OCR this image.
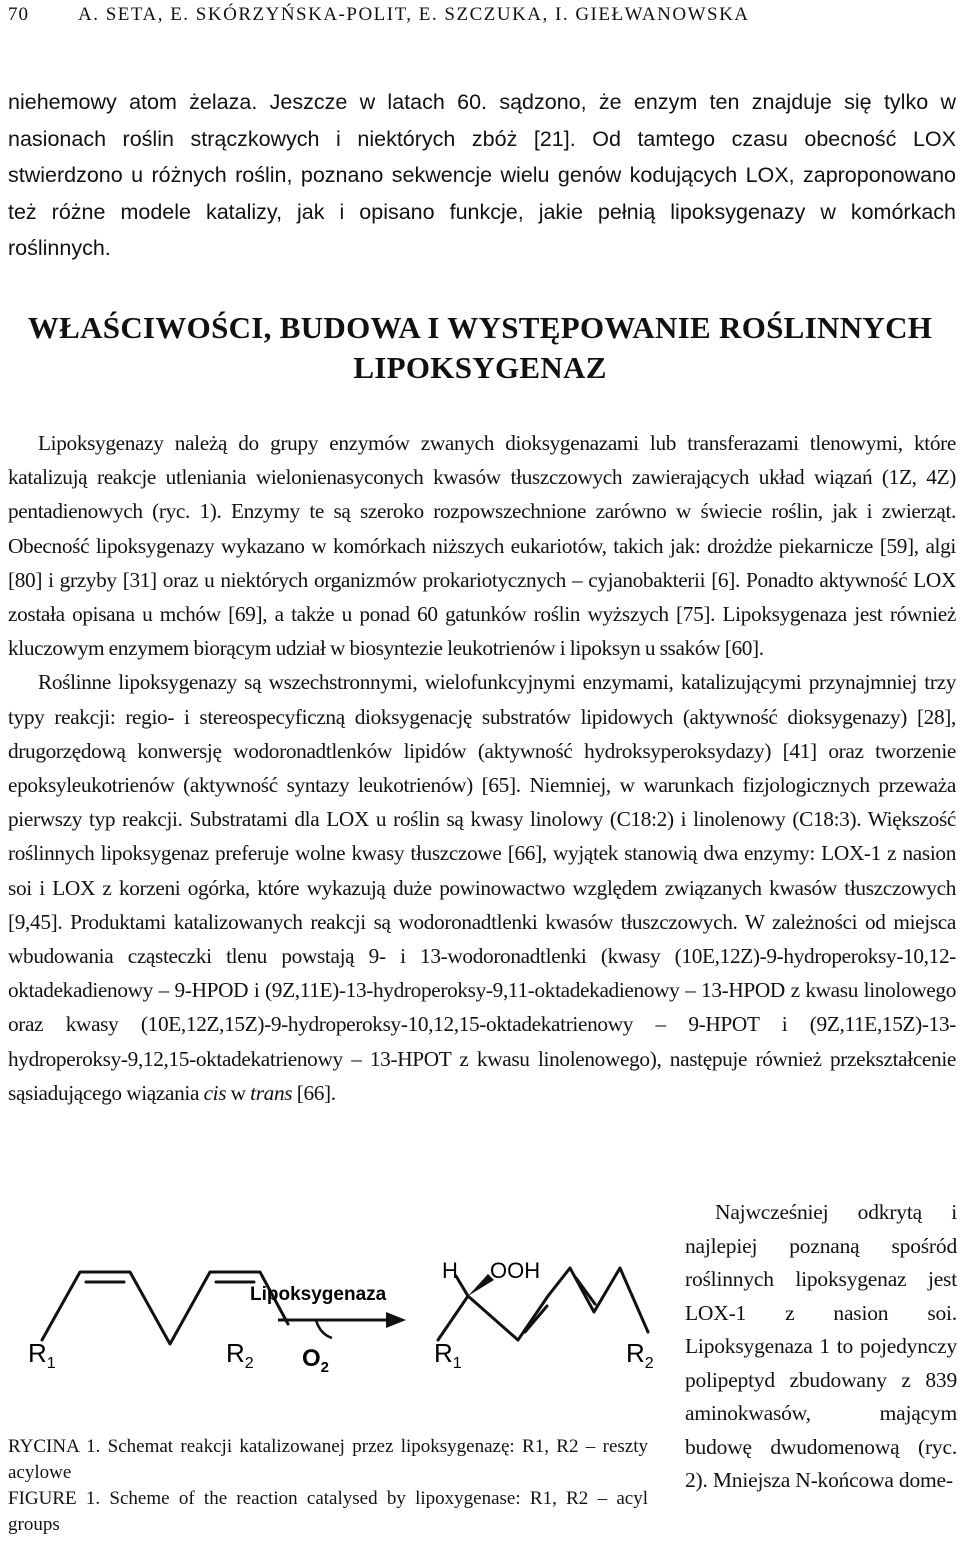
70	A. SETA, E. SKÓRZYŃSKA-POLIT, E. SZCZUKA, I. GIEŁWANOWSKA

niehemowy atom żelaza. Jeszcze w latach 60. sądzono, że enzym ten znajduje się tylko w nasionach roślin strączkowych i niektórych zbóż [21]. Od tamtego czasu obecność LOX stwierdzono u różnych roślin, poznano sekwencje wielu genów kodujących LOX, zaproponowano też różne modele katalizy, jak i opisano funkcje, jakie pełnią lipoksygenazy w komórkach roślinnych.

WŁAŚCIWOŚCI, BUDOWA I WYSTĘPOWANIE ROŚLINNYCH
LIPOKSYGENAZ

Lipoksygenazy należą do grupy enzymów zwanych dioksygenazami lub transferazami tlenowymi, które katalizują reakcje utleniania wielonienasyconych kwasów tłuszczowych zawierających układ wiązań (1Z, 4Z) pentadienowych (ryc. 1). Enzymy te są szeroko rozpowszechnione zarówno w świecie roślin, jak i zwierząt. Obecność lipoksygenazy wykazano w komórkach niższych eukariotów, takich jak: drożdże piekarnicze [59], algi [80] i grzyby [31] oraz u niektórych organizmów prokariotycznych – cyjanobakterii [6]. Ponadto aktywność LOX została opisana u mchów [69], a także u ponad 60 gatunków roślin wyższych [75]. Lipoksygenaza jest również kluczowym enzymem biorącym udział w biosyntezie leukotrienów i lipoksyn u ssaków [60].

Roślinne lipoksygenazy są wszechstronnymi, wielofunkcyjnymi enzymami, katalizującymi przynajmniej trzy typy reakcji: regio- i stereospecyficzną dioksygenację substratów lipidowych (aktywność dioksygenazy) [28], drugorzędową konwersję wodoronadtlenków lipidów (aktywność hydroksyperoksydazy) [41] oraz tworzenie epoksyleukotrienów (aktywność syntazy leukotrienów) [65]. Niemniej, w warunkach fizjologicznych przeważa pierwszy typ reakcji. Substratami dla LOX u roślin są kwasy linolowy (C18:2) i linolenowy (C18:3). Większość roślinnych lipoksygenaz preferuje wolne kwasy tłuszczowe [66], wyjątek stanowią dwa enzymy: LOX-1 z nasion soi i LOX z korzeni ogórka, które wykazują duże powinowactwo względem związanych kwasów tłuszczowych [9,45]. Produktami katalizowanych reakcji są wodoronadtlenki kwasów tłuszczowych. W zależności od miejsca wbudowania cząsteczki tlenu powstają 9- i 13-wodoronadtlenki (kwasy (10E,12Z)-9-hydroperoksy-10,12-oktadekadienowy – 9-HPOD i (9Z,11E)-13-hydroperoksy-9,11-oktadekadienowy – 13-HPOD z kwasu linolowego oraz kwasy (10E,12Z,15Z)-9-hydroperoksy-10,12,15-oktadekatrienowy – 9-HPOT i (9Z,11E,15Z)-13-hydroperoksy-9,12,15-oktadekatrienowy – 13-HPOT z kwasu linolenowego), następuje również przekształcenie sąsiadującego wiązania cis w trans [66].

Najwcześniej odkrytą i najlepiej poznaną spośród roślinnych lipoksygenaz jest LOX-1 z nasion soi. Lipoksygenaza 1 to pojedynczy polipeptyd zbudowany z 839 aminokwasów, mającym budowę dwudomenową (ryc. 2). Mniejsza N-końcowa dome-

$R_1$	$R_2$
Lipoksygenaza
$O_2$
H OOH
$R_1$	$R_2$
RYCINA 1. Schemat reakcji katalizowanej przez lipoksygenazę: R1, R2 – reszty acylowe
FIGURE 1. Scheme of the reaction catalysed by lipoxygenase: R1, R2 – acyl groups
